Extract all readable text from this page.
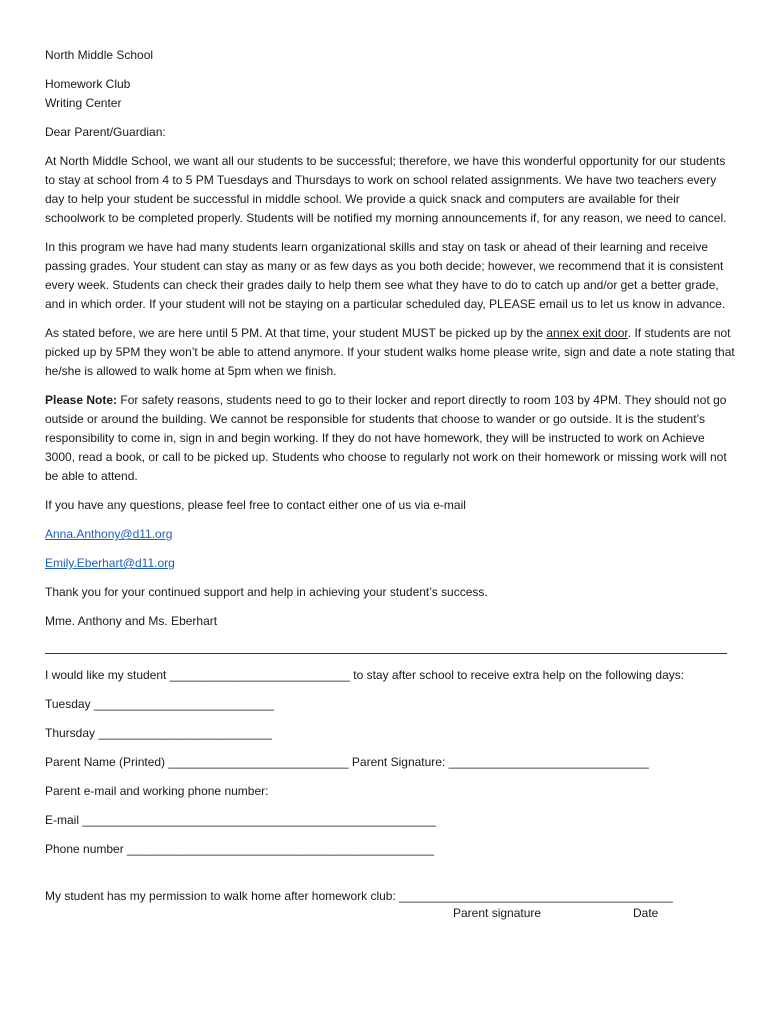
North Middle School

Homework Club

Writing Center

Dear Parent/Guardian:

At North Middle School, we want all our students to be successful; therefore, we have this wonderful opportunity for our students to stay at school from 4 to 5 PM Tuesdays and Thursdays to work on school related assignments. We have two teachers every day to help your student be successful in middle school. We provide a quick snack and computers are available for their schoolwork to be completed properly. Students will be notified my morning announcements if, for any reason, we need to cancel.

In this program we have had many students learn organizational skills and stay on task or ahead of their learning and receive passing grades. Your student can stay as many or as few days as you both decide; however, we recommend that it is consistent every week. Students can check their grades daily to help them see what they have to do to catch up and/or get a better grade, and in which order. If your student will not be staying on a particular scheduled day, PLEASE email us to let us know in advance.

As stated before, we are here until 5 PM. At that time, your student MUST be picked up by the annex exit door. If students are not picked up by 5PM they won’t be able to attend anymore. If your student walks home please write, sign and date a note stating that he/she is allowed to walk home at 5pm when we finish.

Please Note: For safety reasons, students need to go to their locker and report directly to room 103 by 4PM. They should not go outside or around the building. We cannot be responsible for students that choose to wander or go outside. It is the student’s responsibility to come in, sign in and begin working. If they do not have homework, they will be instructed to work on Achieve 3000, read a book, or call to be picked up. Students who choose to regularly not work on their homework or missing work will not be able to attend.

If you have any questions, please feel free to contact either one of us via e-mail

Anna.Anthony@d11.org

Emily.Eberhart@d11.org

Thank you for your continued support and help in achieving your student’s success.

Mme. Anthony and Ms. Eberhart

I would like my student ___________________________ to stay after school to receive extra help on the following days:

Tuesday ___________________________

Thursday __________________________

Parent Name (Printed) ___________________________ Parent Signature: ______________________________

Parent e-mail and working phone number:

E-mail _____________________________________________________

Phone number ______________________________________________

My student has my permission to walk home after homework club: _________________________________________

Parent signature	Date
